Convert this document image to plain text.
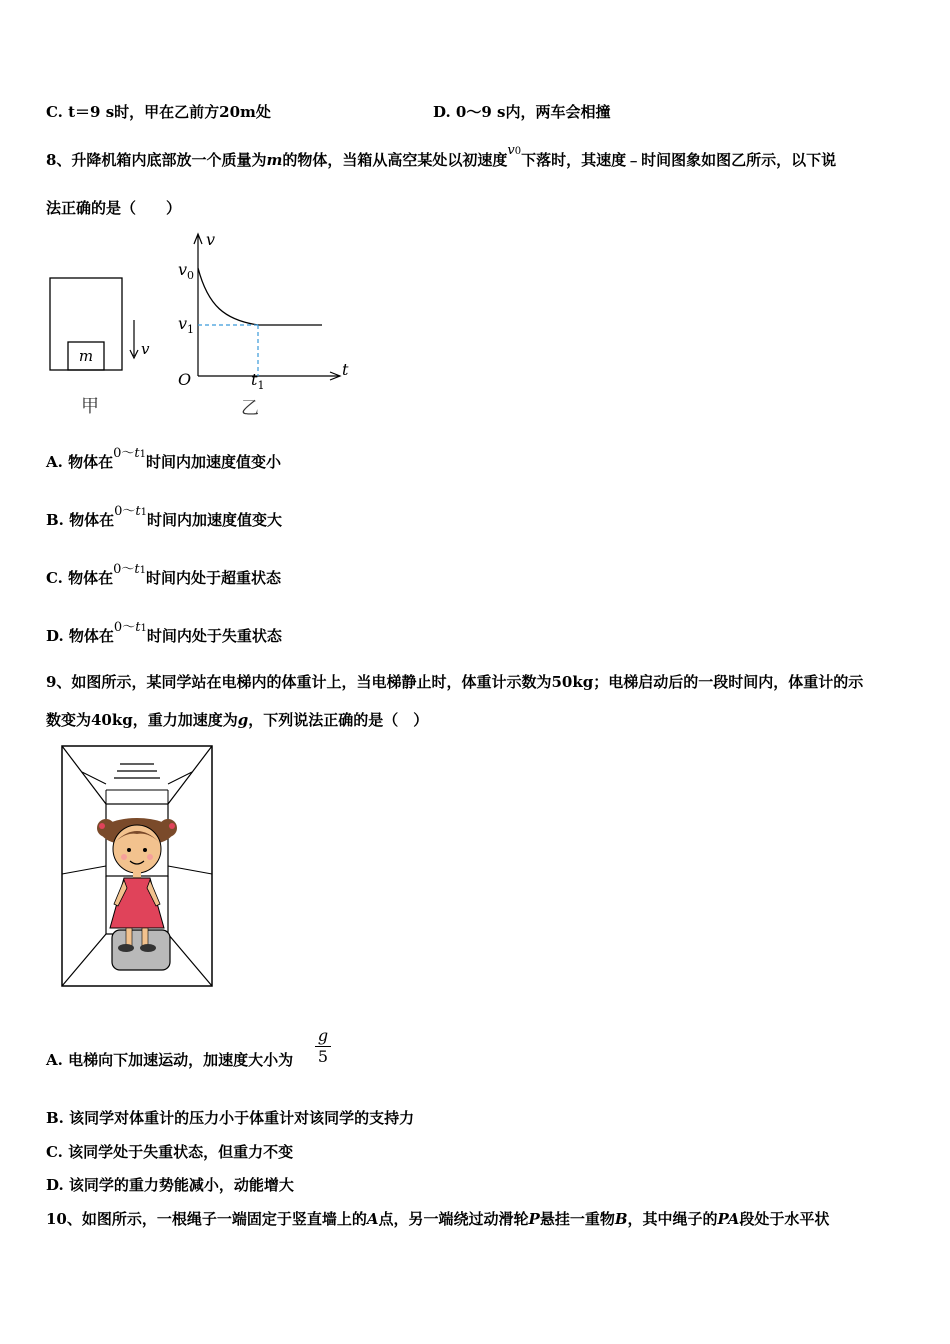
C. t＝9 s时，甲在乙前方20m处	D. 0～9 s内，两车会相撞
8、升降机箱内底部放一个质量为m的物体，当箱从高空某处以初速度v0下落时，其速度﹣时间图象如图乙所示，以下说
法正确的是（　　）
m	v
甲
v
t
O
$v_0$
$v_1$
$t_1$
乙
A. 物体在0～t1时间内加速度值变小
B. 物体在0～t1时间内加速度值变大
C. 物体在0～t1时间内处于超重状态
D. 物体在0～t1时间内处于失重状态
9、如图所示，某同学站在电梯内的体重计上，当电梯静止时，体重计示数为50kg；电梯启动后的一段时间内，体重计的示
数变为40kg，重力加速度为g，下列说法正确的是（　）
A. 电梯向下加速运动，加速度大小为 $\frac{g}{5}$
B. 该同学对体重计的压力小于体重计对该同学的支持力
C. 该同学处于失重状态，但重力不变
D. 该同学的重力势能减小，动能增大
10、如图所示，一根绳子一端固定于竖直墙上的A点，另一端绕过动滑轮P悬挂一重物B，其中绳子的PA段处于水平状
